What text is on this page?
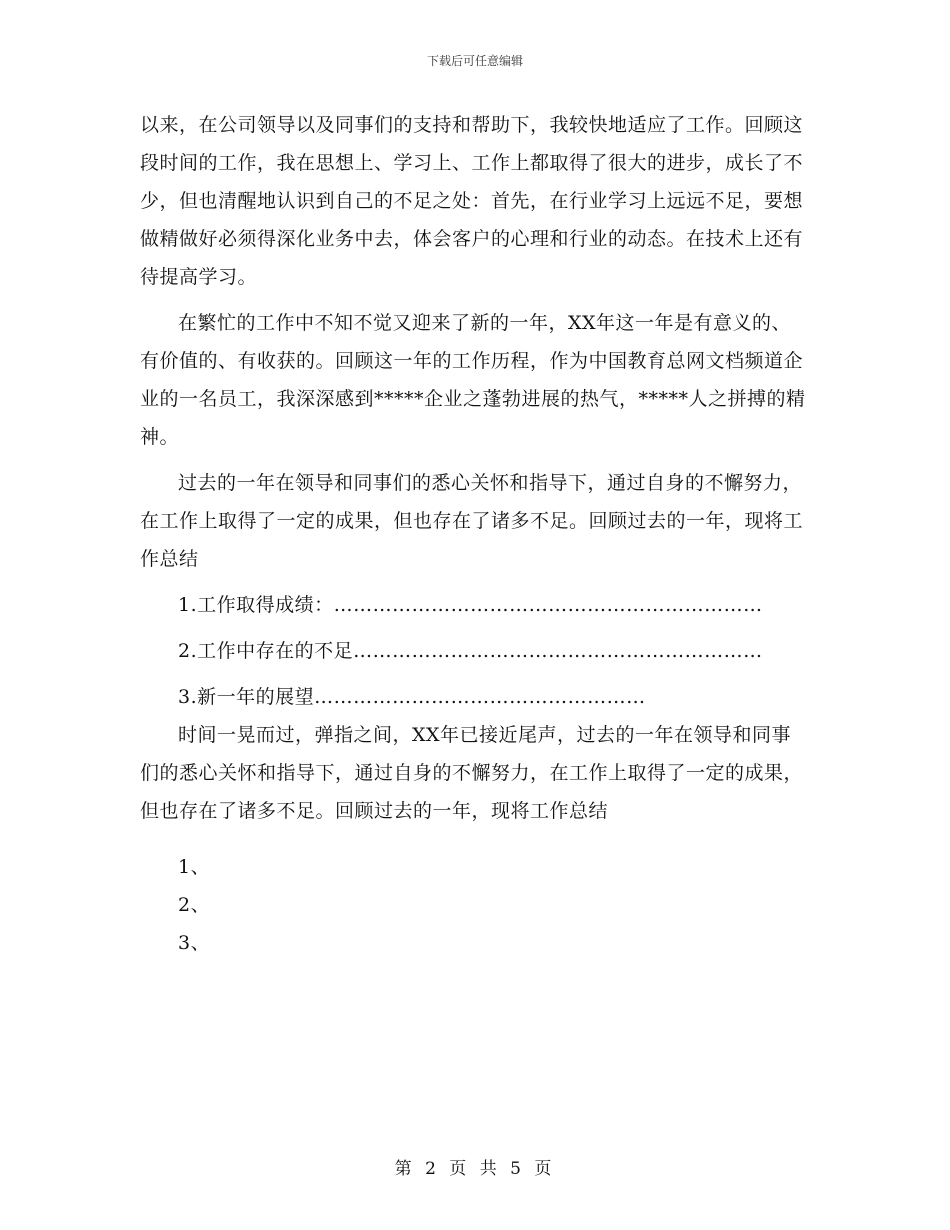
下载后可任意编辑

以来，在公司领导以及同事们的支持和帮助下，我较快地适应了工作。回顾这段时间的工作，我在思想上、学习上、工作上都取得了很大的进步，成长了不少，但也清醒地认识到自己的不足之处：首先，在行业学习上远远不足，要想做精做好必须得深化业务中去，体会客户的心理和行业的动态。在技术上还有待提高学习。

在繁忙的工作中不知不觉又迎来了新的一年，XX年这一年是有意义的、有价值的、有收获的。回顾这一年的工作历程，作为中国教育总网文档频道企业的一名员工，我深深感到*****企业之蓬勃进展的热气，*****人之拼搏的精神。

过去的一年在领导和同事们的悉心关怀和指导下，通过自身的不懈努力，在工作上取得了一定的成果，但也存在了诸多不足。回顾过去的一年，现将工作总结

1.工作取得成绩：…………………………………………………………

2.工作中存在的不足………………………………………………………

3.新一年的展望……………………………………………

时间一晃而过，弹指之间，XX年已接近尾声，过去的一年在领导和同事们的悉心关怀和指导下，通过自身的不懈努力，在工作上取得了一定的成果，但也存在了诸多不足。回顾过去的一年，现将工作总结

1、

2、

3、

第 2 页 共 5 页
